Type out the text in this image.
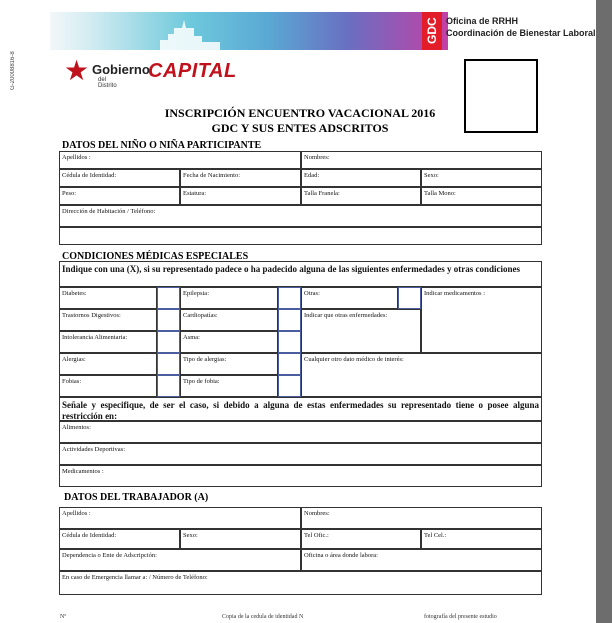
G-20008816-8
GDC Oficina de RRHH
Coordinación de Bienestar Laboral
★ Gobierno
del Distrito
CAPITAL
INSCRIPCIÓN ENCUENTRO VACACIONAL 2016
GDC Y SUS ENTES ADSCRITOS
DATOS DEL NIÑO O NIÑA PARTICIPANTE
Apellidos :	Nombres:
Cédula de Identidad:	Fecha de Nacimiento:	Edad:	Sexo:
Peso:	Estatura:	Talla Franela:	Talla Mono:
Dirección de Habitación / Teléfono:
CONDICIONES MÉDICAS ESPECIALES
Indique con una (X), si su representado padece o ha padecido alguna de las siguientes enfermedades y otras condiciones
Diabetes:	Epilepsia:	Otras:	Indicar medicamentos :
Trastornos Digestivos:	Cardiopatías:	Indicar que otras enfermedades:
Intolerancia Alimentaria:	Asma:
Alergias:	Tipo de alergias:	Cualquier otro dato médico de interés:
Fobias:	Tipo de fobia:
Señale y especifique, de ser el caso, si debido a alguna de estas enfermedades su representado tiene o posee alguna restricción en:
Alimentos:
Actividades Deportivas:
Medicamentos :
DATOS DEL TRABAJADOR (A)
Apellidos :	Nombres:
Cédula de Identidad:	Sexo:	Tel Ofic.:	Tel Cel.:
Dependencia o Ente de Adscripción:	Oficina o área donde labora:
En caso de Emergencia llamar a: / Número de Teléfono:
Nº	Copia de la cedula de identidad N	fotografía del presente estudio
